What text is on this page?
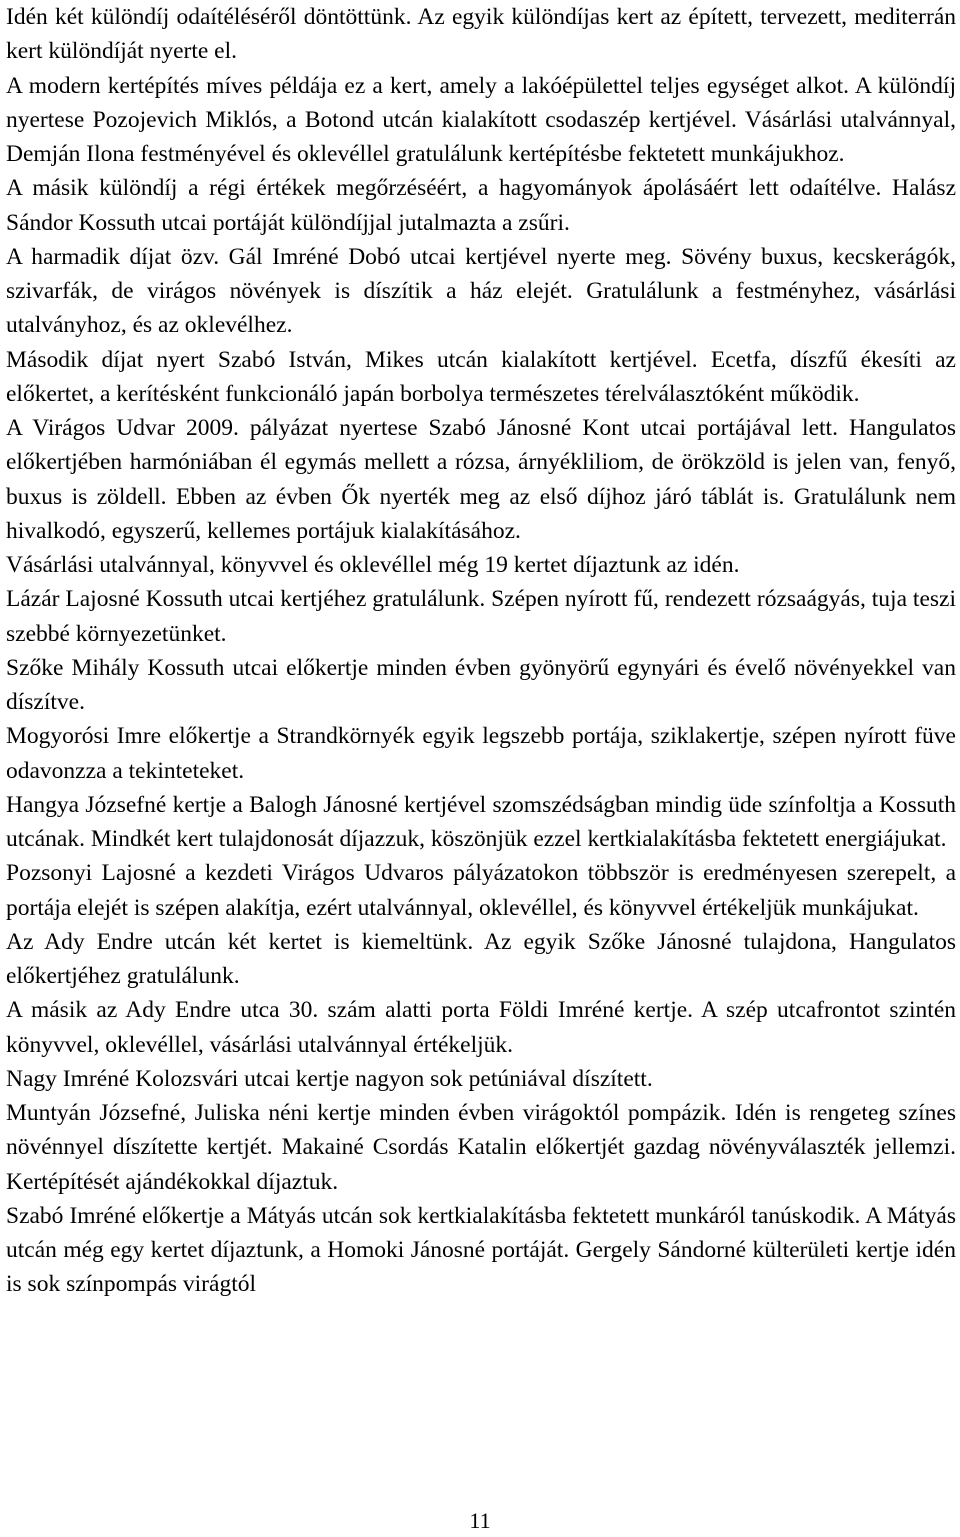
Idén két különdíj odaítéléséről döntöttünk. Az egyik különdíjas kert az épített, tervezett, mediterrán kert különdíját nyerte el.

A modern kertépítés míves példája ez a kert, amely a lakóépülettel teljes egységet alkot. A különdíj nyertese Pozojevich Miklós, a Botond utcán kialakított csodaszép kertjével. Vásárlási utalvánnyal, Demján Ilona festményével és oklevéllel gratulálunk kertépítésbe fektetett munkájukhoz.

A másik különdíj a régi értékek megőrzéséért, a hagyományok ápolásáért lett odaítélve. Halász Sándor Kossuth utcai portáját különdíjjal jutalmazta a zsűri.

A harmadik díjat özv. Gál Imréné Dobó utcai kertjével nyerte meg. Sövény buxus, kecskerágók, szivarfák, de virágos növények is díszítik a ház elejét. Gratulálunk a festményhez, vásárlási utalványhoz, és az oklevélhez.

Második díjat nyert Szabó István, Mikes utcán kialakított kertjével. Ecetfa, díszfű ékesíti az előkertet, a kerítésként funkcionáló japán borbolya természetes térelválasztóként működik.

A Virágos Udvar 2009. pályázat nyertese Szabó Jánosné Kont utcai portájával lett. Hangulatos előkertjében harmóniában él egymás mellett a rózsa, árnyékliliom, de örökzöld is jelen van, fenyő, buxus is zöldell. Ebben az évben Ők nyerték meg az első díjhoz járó táblát is. Gratulálunk nem hivalkodó, egyszerű, kellemes portájuk kialakításához.

Vásárlási utalvánnyal, könyvvel és oklevéllel még 19 kertet díjaztunk az idén.

Lázár Lajosné Kossuth utcai kertjéhez gratulálunk. Szépen nyírott fű, rendezett rózsaágyás, tuja teszi szebbé környezetünket.

Szőke Mihály Kossuth utcai előkertje minden évben gyönyörű egynyári és évelő növényekkel van díszítve.

Mogyorósi Imre előkertje a Strandkörnyék egyik legszebb portája, sziklakertje, szépen nyírott füve odavonzza a tekinteteket.

Hangya Józsefné kertje a Balogh Jánosné kertjével szomszédságban mindig üde színfoltja a Kossuth utcának. Mindkét kert tulajdonosát díjazzuk, köszönjük ezzel kertkialakításba fektetett energiájukat.

Pozsonyi Lajosné a kezdeti Virágos Udvaros pályázatokon többször is eredményesen szerepelt, a portája elejét is szépen alakítja, ezért utalvánnyal, oklevéllel, és könyvvel értékeljük munkájukat.

Az Ady Endre utcán két kertet is kiemeltünk. Az egyik Szőke Jánosné tulajdona, Hangulatos előkertjéhez gratulálunk.

A másik az Ady Endre utca 30. szám alatti porta Földi Imréné kertje. A szép utcafrontot szintén könyvvel, oklevéllel, vásárlási utalvánnyal értékeljük.

Nagy Imréné Kolozsvári utcai kertje nagyon sok petúniával díszített.

Muntyán Józsefné, Juliska néni kertje minden évben virágoktól pompázik. Idén is rengeteg színes növénnyel díszítette kertjét. Makainé Csordás Katalin előkertjét gazdag növényválaszték jellemzi. Kertépítését ajándékokkal díjaztuk.

Szabó Imréné előkertje a Mátyás utcán sok kertkialakításba fektetett munkáról tanúskodik. A Mátyás utcán még egy kertet díjaztunk, a Homoki Jánosné portáját. Gergely Sándorné külterületi kertje idén is sok színpompás virágtól

11
